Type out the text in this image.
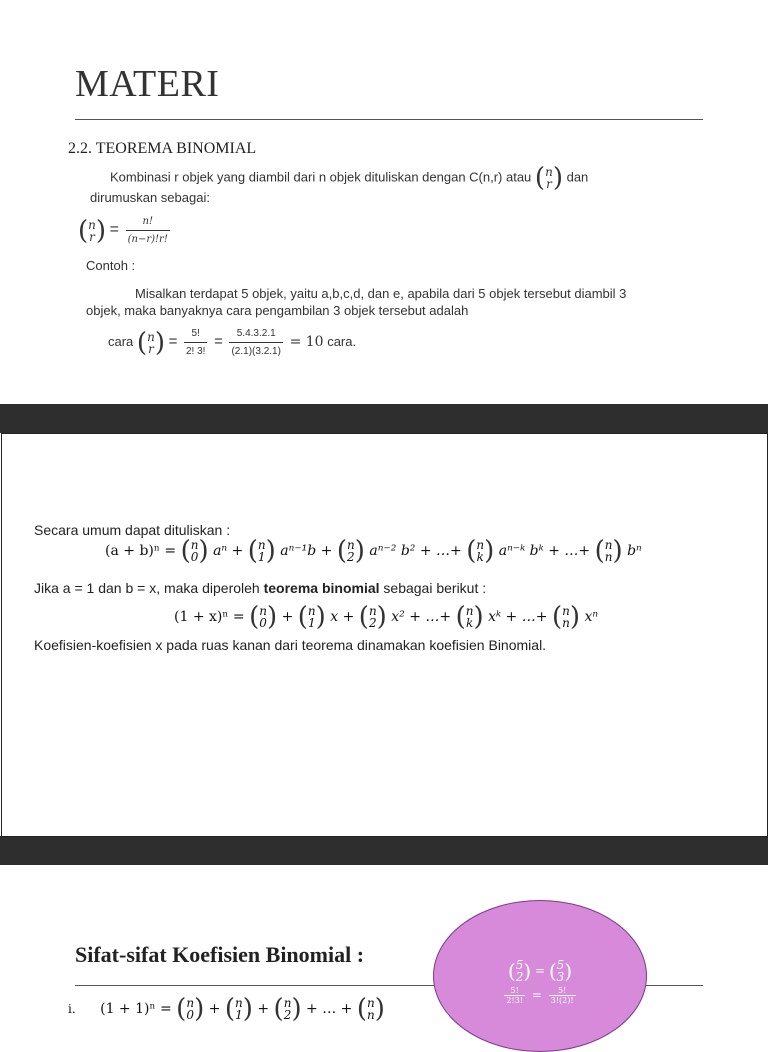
MATERI
2.2. TEOREMA BINOMIAL
Kombinasi r objek yang diambil dari n objek dituliskan dengan C(n,r) atau (n
r) dan
dirumuskan sebagai:
(n
$r) = \frac{n!}{(n-r)!r!}$
Contoh :
Misalkan terdapat 5 objek, yaitu a,b,c,d, dan e, apabila dari 5 objek tersebut diambil 3
objek, maka banyaknya cara pengambilan 3 objek tersebut adalah
cara (n
$r) = \frac{5!}{2! 3!} = \frac{5.4.3.2.1}{(2.1)(3.2.1)} = 10$ cara.
Secara umum dapat dituliskan :
(a + b)ⁿ = (n
0) aⁿ + (n
1) aⁿ⁻¹b + (n
2) aⁿ⁻² b² + …+ (n
k) aⁿ⁻ᵏ bᵏ + …+ (n
n) bⁿ
Jika a = 1 dan b = x, maka diperoleh teorema binomial sebagai berikut :
(1 + x)ⁿ = (n
0) + (n
1) x + (n
2) x² + …+ (n
k) xᵏ + …+ (n
n) xⁿ
Koefisien-koefisien x pada ruas kanan dari teorema dinamakan koefisien Binomial.
Sifat-sifat Koefisien Binomial :
(5
2) = (5
3)
$\frac{5!}{2!3!} = \frac{5!}{3!(2)!}$
i. (1 + 1)ⁿ = (n
0) + (n
1) + (n
2) + … + (n
n)
